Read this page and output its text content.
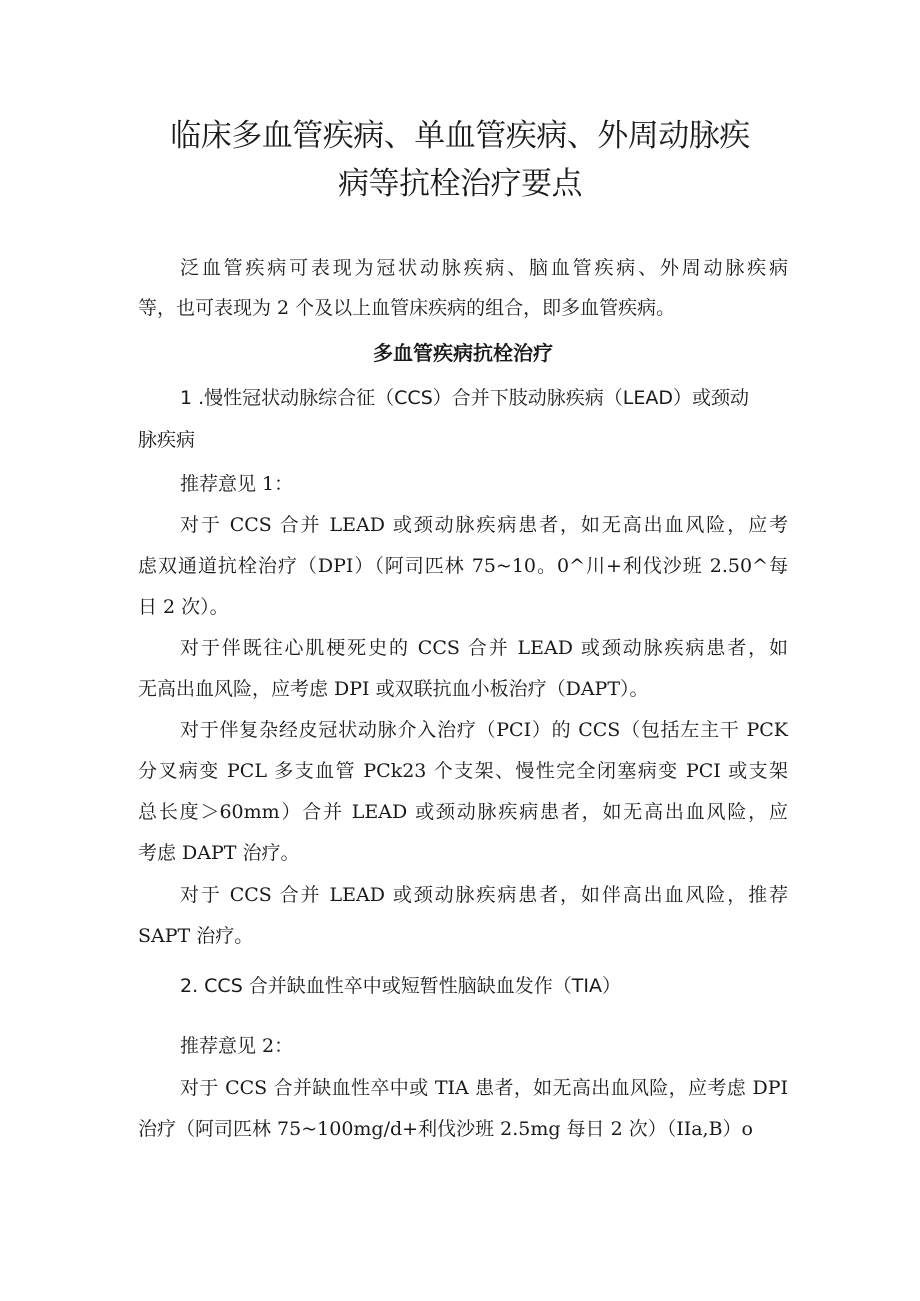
临床多血管疾病、单血管疾病、外周动脉疾
病等抗栓治疗要点

泛血管疾病可表现为冠状动脉疾病、脑血管疾病、外周动脉疾病

等，也可表现为 2 个及以上血管床疾病的组合，即多血管疾病。

多血管疾病抗栓治疗

1 .慢性冠状动脉综合征（CCS）合并下肢动脉疾病（LEAD）或颈动

脉疾病

推荐意见 1：

对于 CCS 合并 LEAD 或颈动脉疾病患者，如无高出血风险，应考

虑双通道抗栓治疗（DPI）（阿司匹林 75~10。0^川+利伐沙班 2.50^每

日 2 次）。

对于伴既往心肌梗死史的 CCS 合并 LEAD 或颈动脉疾病患者，如

无高出血风险，应考虑 DPI 或双联抗血小板治疗（DAPT）。

对于伴复杂经皮冠状动脉介入治疗（PCI）的 CCS（包括左主干 PCK

分叉病变 PCL 多支血管 PCk23 个支架、慢性完全闭塞病变 PCI 或支架

总长度＞60mm）合并 LEAD 或颈动脉疾病患者，如无高出血风险，应

考虑 DAPT 治疗。

对于 CCS 合并 LEAD 或颈动脉疾病患者，如伴高出血风险，推荐

SAPT 治疗。

2. CCS 合并缺血性卒中或短暂性脑缺血发作（TIA）

推荐意见 2：

对于 CCS 合并缺血性卒中或 TIA 患者，如无高出血风险，应考虑 DPI

治疗（阿司匹林 75~100mg/d+利伐沙班 2.5mg 每日 2 次）（IIa,B）o
